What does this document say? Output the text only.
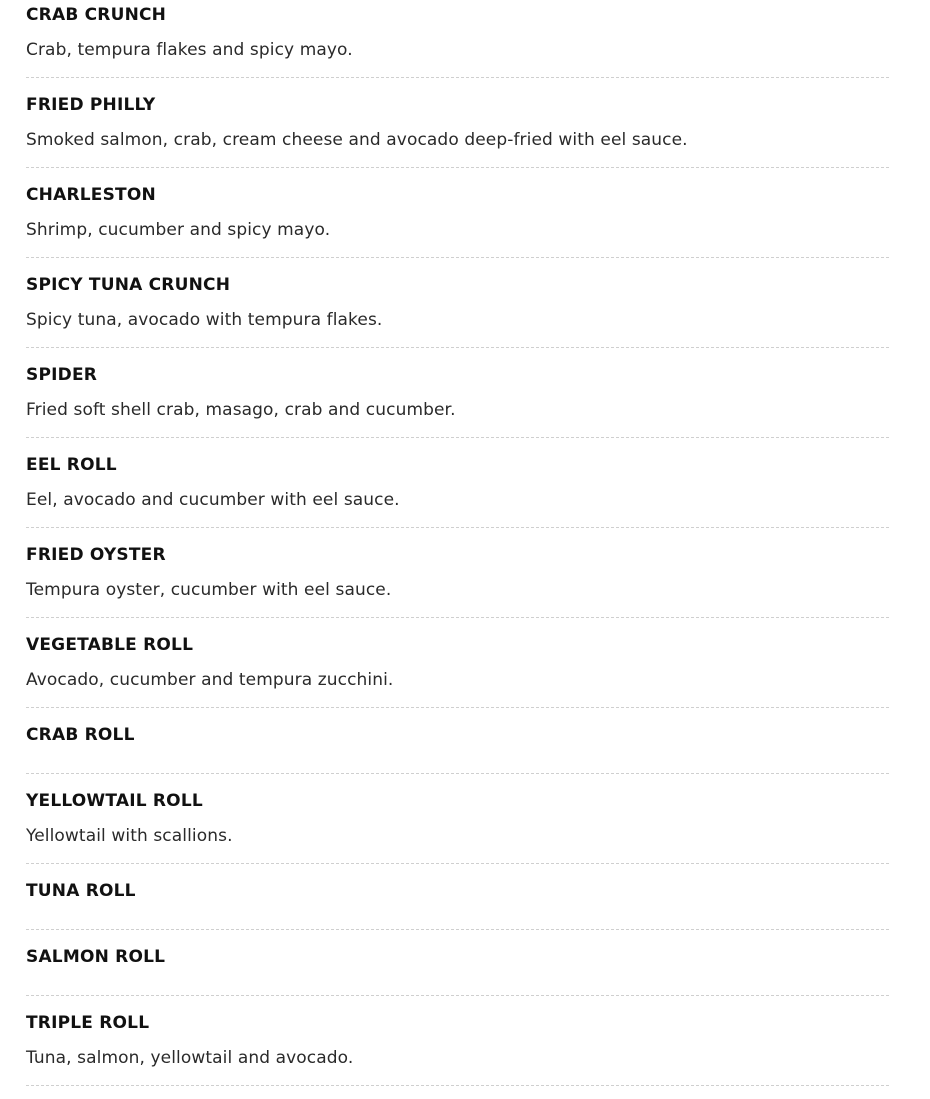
CRAB CRUNCH
Crab, tempura flakes and spicy mayo.
FRIED PHILLY
Smoked salmon, crab, cream cheese and avocado deep-fried with eel sauce.
CHARLESTON
Shrimp, cucumber and spicy mayo.
SPICY TUNA CRUNCH
Spicy tuna, avocado with tempura flakes.
SPIDER
Fried soft shell crab, masago, crab and cucumber.
EEL ROLL
Eel, avocado and cucumber with eel sauce.
FRIED OYSTER
Tempura oyster, cucumber with eel sauce.
VEGETABLE ROLL
Avocado, cucumber and tempura zucchini.
CRAB ROLL
YELLOWTAIL ROLL
Yellowtail with scallions.
TUNA ROLL
SALMON ROLL
TRIPLE ROLL
Tuna, salmon, yellowtail and avocado.
